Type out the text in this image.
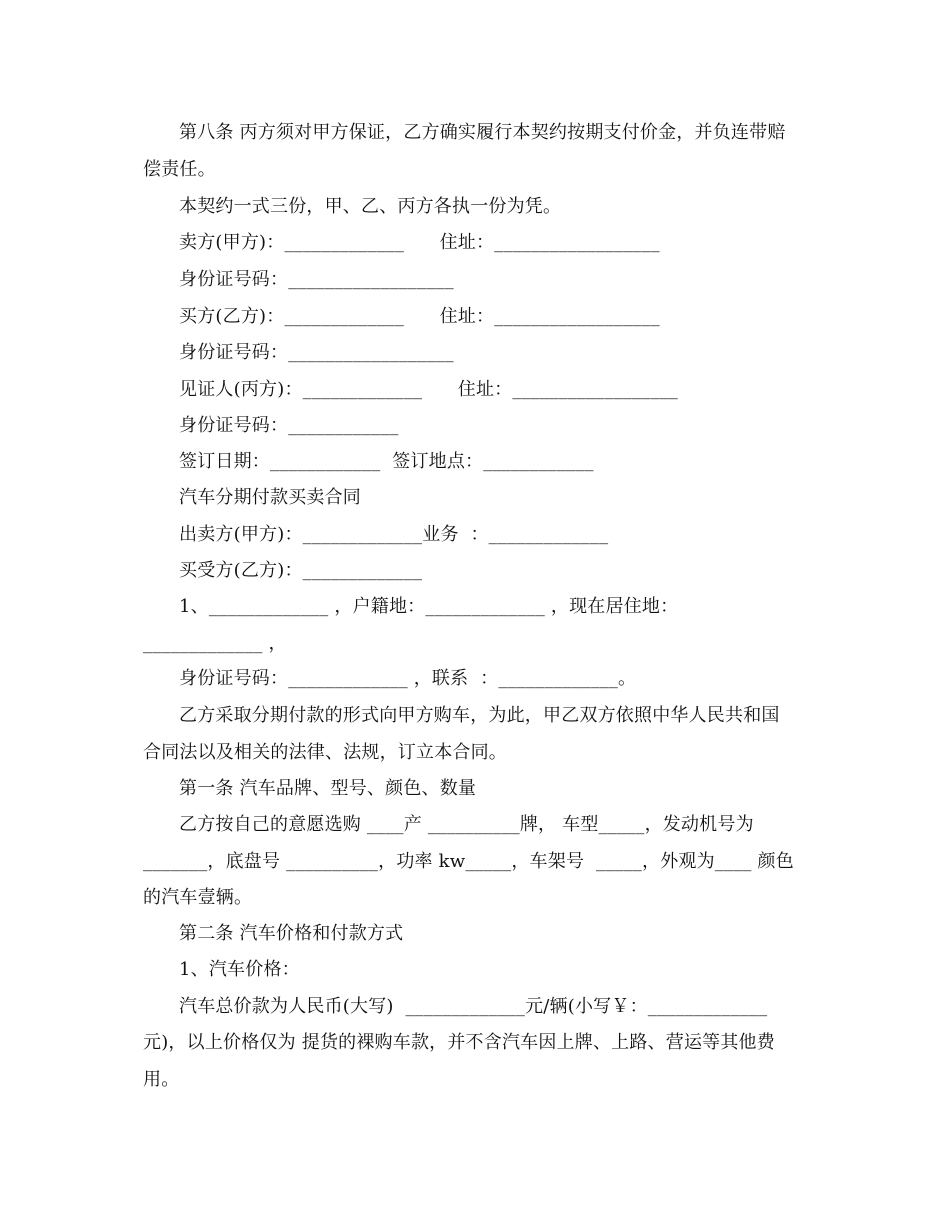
第八条 丙方须对甲方保证，乙方确实履行本契约按期支付价金，并负连带赔
偿责任。
本契约一式三份，甲、乙、丙方各执一份为凭。
卖方(甲方)：_____________      住址：__________________
身份证号码：__________________
买方(乙方)：_____________      住址：__________________
身份证号码：__________________
见证人(丙方)：_____________      住址：__________________
身份证号码：____________
签订日期：____________  签订地点：____________
汽车分期付款买卖合同
出卖方(甲方)：_____________业务  ：_____________
买受方(乙方)：_____________
1、_____________ ，户籍地：_____________ ，现在居住地：
_____________ ，
身份证号码：_____________ ，联系  ：_____________。
乙方采取分期付款的形式向甲方购车，为此，甲乙双方依照中华人民共和国
合同法以及相关的法律、法规，订立本合同。
第一条 汽车品牌、型号、颜色、数量
乙方按自己的意愿选购 ____产 __________牌， 车型_____，发动机号为
_______，底盘号 __________，功率 kw_____，车架号  _____，外观为____ 颜色
的汽车壹辆。
第二条 汽车价格和付款方式
1、汽车价格：
汽车总价款为人民币(大写)  _____________元/辆(小写￥：_____________
元)，以上价格仅为 提货的裸购车款，并不含汽车因上牌、上路、营运等其他费
用。
